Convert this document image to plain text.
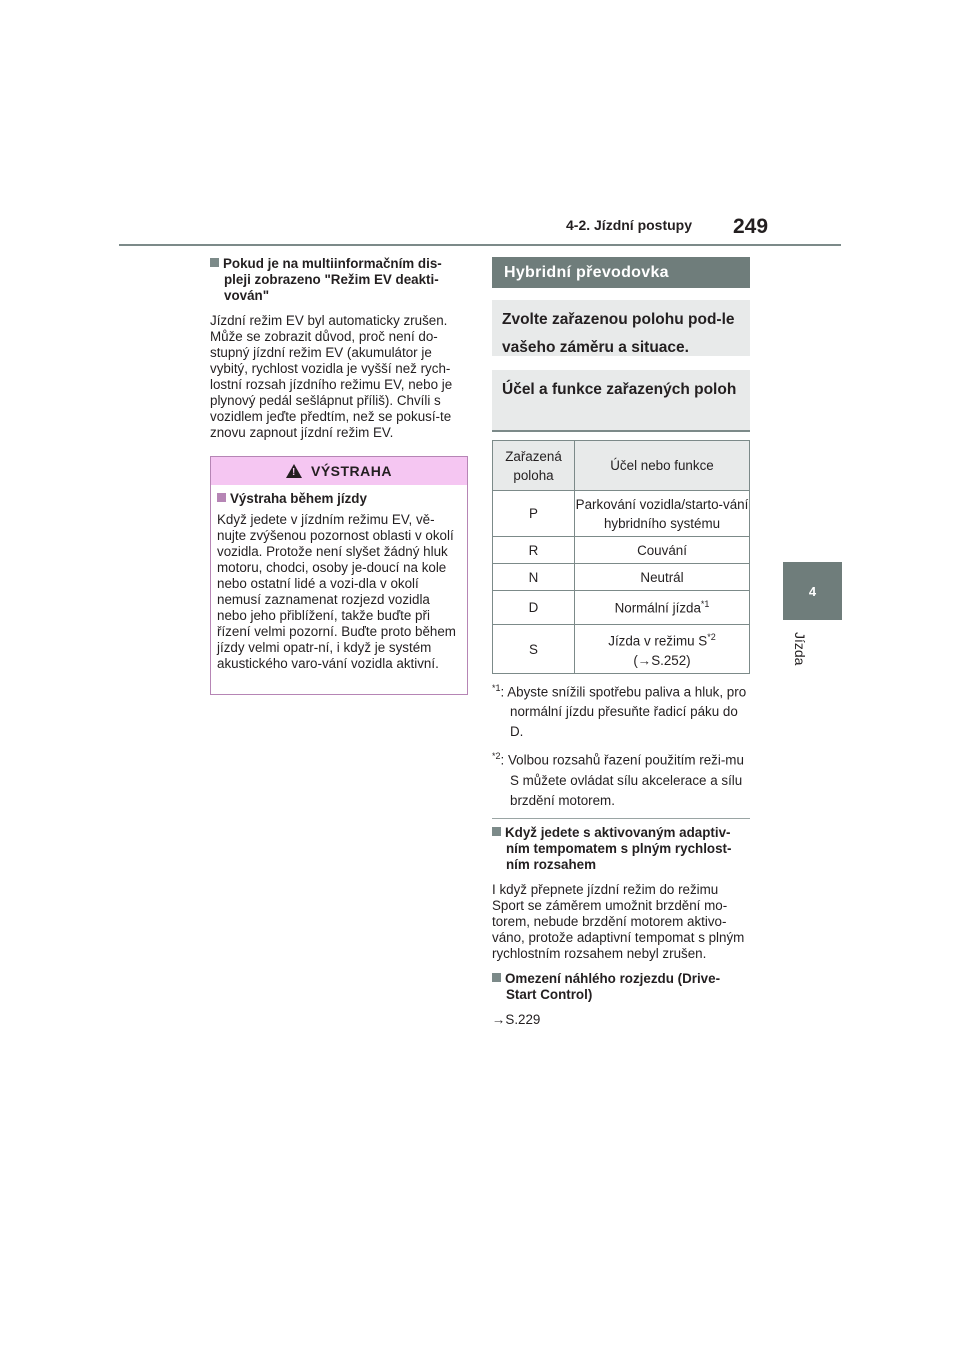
4-2. Jízdní postupy 249
4
Jízda
Pokud je na multiinformačním dis-pleji zobrazeno "Režim EV deakti-
vován"
Jízdní režim EV byl automaticky zrušen. Může se zobrazit důvod, proč není do-stupný jízdní režim EV (akumulátor je vybitý, rychlost vozidla je vyšší než rych-lostní rozsah jízdního režimu EV, nebo je plynový pedál sešlápnut příliš). Chvíli s vozidlem jeďte předtím, než se pokusí-te znovu zapnout jízdní režim EV.
! VÝSTRAHA
Výstraha během jízdy
Když jedete v jízdním režimu EV, vě-nujte zvýšenou pozornost oblasti v okolí vozidla. Protože není slyšet žádný hluk motoru, chodci, osoby je-doucí na kole nebo ostatní lidé a vozi-dla v okolí nemusí zaznamenat rozjezd vozidla nebo jeho přiblížení, takže buďte při řízení velmi pozorní. Buďte proto během jízdy velmi opatr-ní, i když je systém akustického varo-vání vozidla aktivní.
Hybridní převodovka
Zvolte zařazenou polohu pod-le vašeho záměru a situace.
Účel a funkce zařazených poloh
Zařazená poloha	Účel nebo funkce
P	Parkování vozidla/starto-vání hybridního systému
R	Couvání
N	Neutrál
D	Normální jízda$^{*1}$
S	Jízda v režimu $S^{*2}$
(→S.252)
$^{*1}$: Abyste snížili spotřebu paliva a hluk, pro normální jízdu přesuňte řadicí páku do D.
$^{*2}$: Volbou rozsahů řazení použitím reži-mu S můžete ovládat sílu akcelerace a sílu brzdění motorem.
Když jedete s aktivovaným adaptiv-ním tempomatem s plným rychlost-ním rozsahem
I když přepnete jízdní režim do režimu Sport se záměrem umožnit brzdění mo-torem, nebude brzdění motorem aktivo-váno, protože adaptivní tempomat s plným rychlostním rozsahem nebyl zrušen.
Omezení náhlého rozjezdu (Drive-Start Control)
→S.229
